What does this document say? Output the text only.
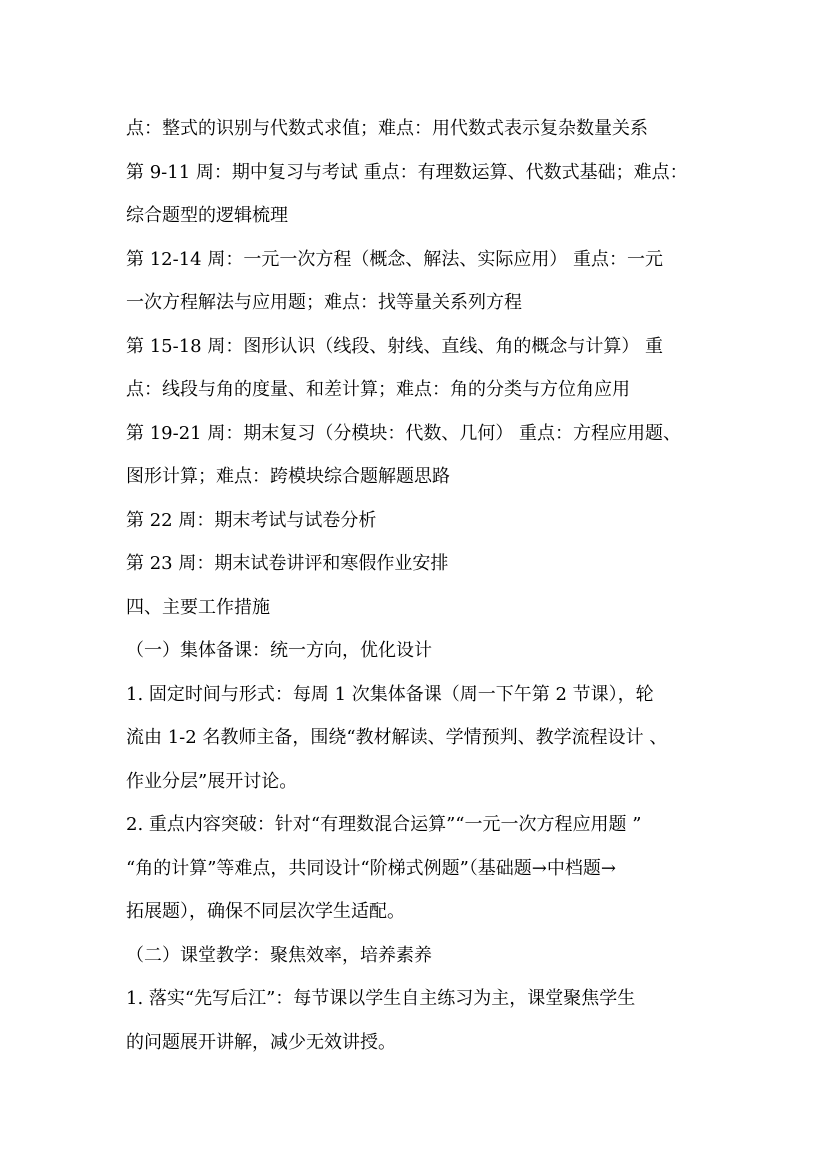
点：整式的识别与代数式求值；难点：用代数式表示复杂数量关系
第 9-11 周：期中复习与考试 重点：有理数运算、代数式基础；难点：
综合题型的逻辑梳理
第 12-14 周：一元一次方程（概念、解法、实际应用） 重点：一元
一次方程解法与应用题；难点：找等量关系列方程
第 15-18 周：图形认识（线段、射线、直线、角的概念与计算） 重
点：线段与角的度量、和差计算；难点：角的分类与方位角应用
第 19-21 周：期末复习（分模块：代数、几何） 重点：方程应用题、
图形计算；难点：跨模块综合题解题思路
第 22 周：期末考试与试卷分析
第 23 周：期末试卷讲评和寒假作业安排
四、主要工作措施
（一）集体备课：统一方向，优化设计
1. 固定时间与形式：每周 1 次集体备课（周一下午第 2 节课），轮
流由 1-2 名教师主备，围绕“教材解读、学情预判、教学流程设计 、
作业分层”展开讨论。
2. 重点内容突破：针对“有理数混合运算”“一元一次方程应用题 ”
“角的计算”等难点，共同设计“阶梯式例题”（基础题→中档题→
拓展题），确保不同层次学生适配。
（二）课堂教学：聚焦效率，培养素养
1. 落实“先写后江”：每节课以学生自主练习为主，课堂聚焦学生
的问题展开讲解，减少无效讲授。
